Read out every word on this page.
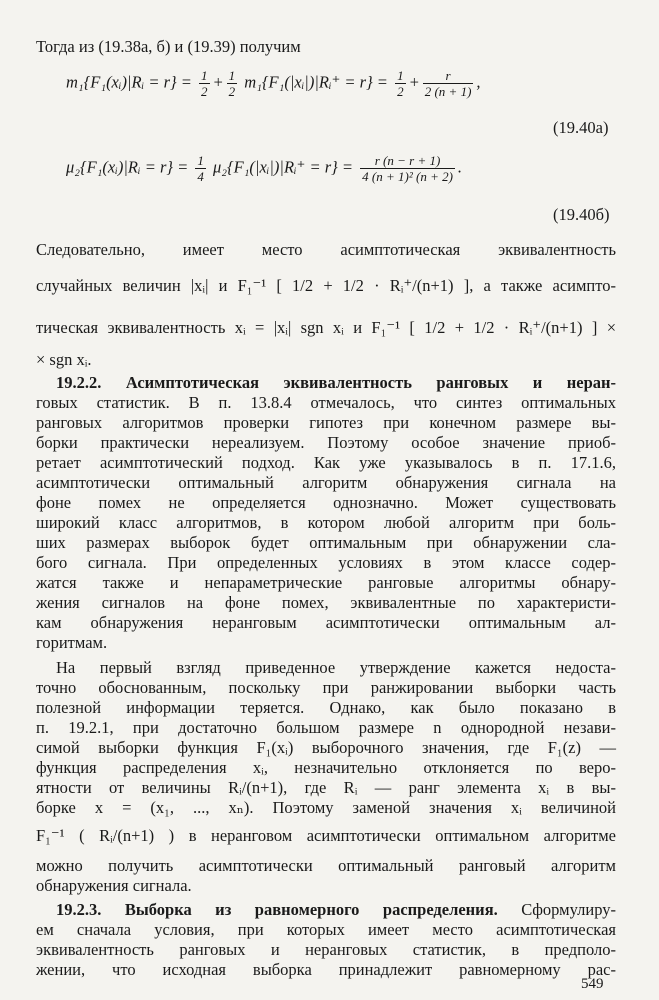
Тогда из (19.38а, б) и (19.39) получим
m₁{F₁(xᵢ)|Rᵢ = $r\} = \frac{1}{2} + \frac{1}{2}$ m₁{F₁(|xᵢ|)|Rᵢ⁺ = $r\} = \frac{1}{2} + \frac{r}{2 (n + 1)}$ ,
(19.40а)
μ₂{F₁(xᵢ)|Rᵢ = $r\} = \frac{1}{4}$ μ₂{F₁(|xᵢ|)|Rᵢ⁺ = $r\} = \frac{r (n - r + 1)}{\text{4 (n + 1)² (n + 2)}}$ .
(19.40б)
Следовательно, имеет место асимптотическая эквивалентность
случайных величин |xᵢ| и F₁⁻¹ [ 1/2 + 1/2 · Rᵢ⁺/(n+1) ], а также асимпто-
тическая эквивалентность xᵢ = |xᵢ| sgn xᵢ и F₁⁻¹ [ 1/2 + 1/2 · Rᵢ⁺/(n+1) ] ×
× sgn xᵢ.
19.2.2. Асимптотическая эквивалентность ранговых и неран-
говых статистик. В п. 13.8.4 отмечалось, что синтез оптимальных
ранговых алгоритмов проверки гипотез при конечном размере вы-
борки практически нереализуем. Поэтому особое значение приоб-
ретает асимптотический подход. Как уже указывалось в п. 17.1.6,
асимптотически оптимальный алгоритм обнаружения сигнала на
фоне помех не определяется однозначно. Может существовать
широкий класс алгоритмов, в котором любой алгоритм при боль-
ших размерах выборок будет оптимальным при обнаружении сла-
бого сигнала. При определенных условиях в этом классе содер-
жатся также и непараметрические ранговые алгоритмы обнару-
жения сигналов на фоне помех, эквивалентные по характеристи-
кам обнаружения неранговым асимптотически оптимальным ал-
горитмам.
На первый взгляд приведенное утверждение кажется недоста-
точно обоснованным, поскольку при ранжировании выборки часть
полезной информации теряется. Однако, как было показано в
п. 19.2.1, при достаточно большом размере n однородной незави-
симой выборки функция F₁(xᵢ) выборочного значения, где F₁(z) —
функция распределения xᵢ, незначительно отклоняется по веро-
ятности от величины Rᵢ/(n+1), где Rᵢ — ранг элемента xᵢ в вы-
борке x = (x₁, ..., xₙ). Поэтому заменой значения xᵢ величиной
F₁⁻¹ ( Rᵢ/(n+1) ) в неранговом асимптотически оптимальном алгоритме
можно получить асимптотически оптимальный ранговый алгоритм
обнаружения сигнала.
19.2.3. Выборка из равномерного распределения. Сформулиру-
ем сначала условия, при которых имеет место асимптотическая
эквивалентность ранговых и неранговых статистик, в предполо-
жении, что исходная выборка принадлежит равномерному рас-
549
